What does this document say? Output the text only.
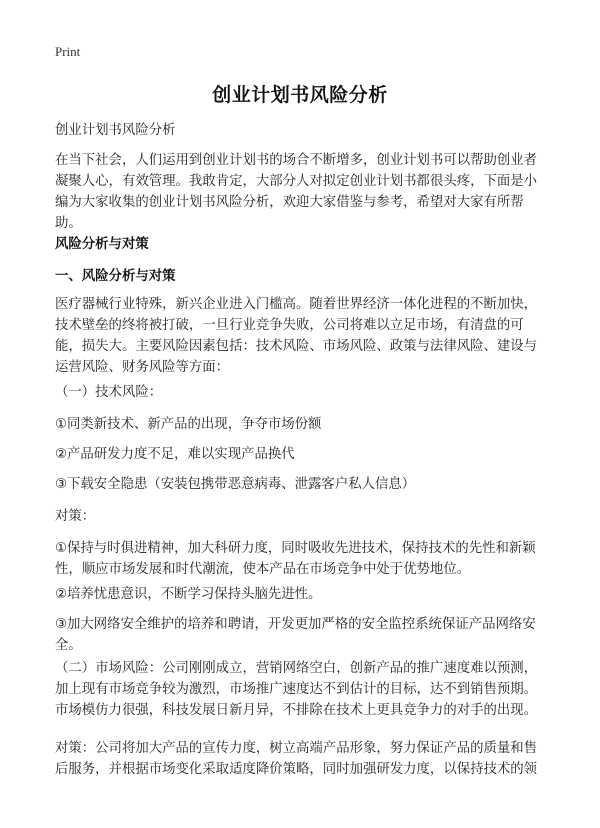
Print
创业计划书风险分析
创业计划书风险分析
在当下社会，人们运用到创业计划书的场合不断增多，创业计划书可以帮助创业者凝聚人心，有效管理。我敢肯定，大部分人对拟定创业计划书都很头疼，下面是小编为大家收集的创业计划书风险分析，欢迎大家借鉴与参考，希望对大家有所帮助。
风险分析与对策
一、风险分析与对策
医疗器械行业特殊，新兴企业进入门槛高。随着世界经济一体化进程的不断加快，技术壁垒的终将被打破，一旦行业竞争失败，公司将难以立足市场，有清盘的可能，损失大。主要风险因素包括：技术风险、市场风险、政策与法律风险、建设与运营风险、财务风险等方面：
（一）技术风险：
①同类新技术、新产品的出现，争夺市场份额
②产品研发力度不足，难以实现产品换代
③下载安全隐患（安装包携带恶意病毒、泄露客户私人信息）
对策：
①保持与时俱进精神，加大科研力度，同时吸收先进技术，保持技术的先性和新颖性，顺应市场发展和时代潮流，使本产品在市场竞争中处于优势地位。
②培养忧患意识，不断学习保持头脑先进性。
③加大网络安全维护的培养和聘请，开发更加严格的安全监控系统保证产品网络安全。
（二）市场风险：公司刚刚成立，营销网络空白，创新产品的推广速度难以预测，加上现有市场竞争较为激烈，市场推广速度达不到估计的目标，达不到销售预期。市场模仿力很强，科技发展日新月异，不排除在技术上更具竞争力的对手的出现。
对策：公司将加大产品的宣传力度，树立高端产品形象，努力保证产品的质量和售后服务，并根据市场变化采取适度降价策略，同时加强研发力度，以保持技术的领
